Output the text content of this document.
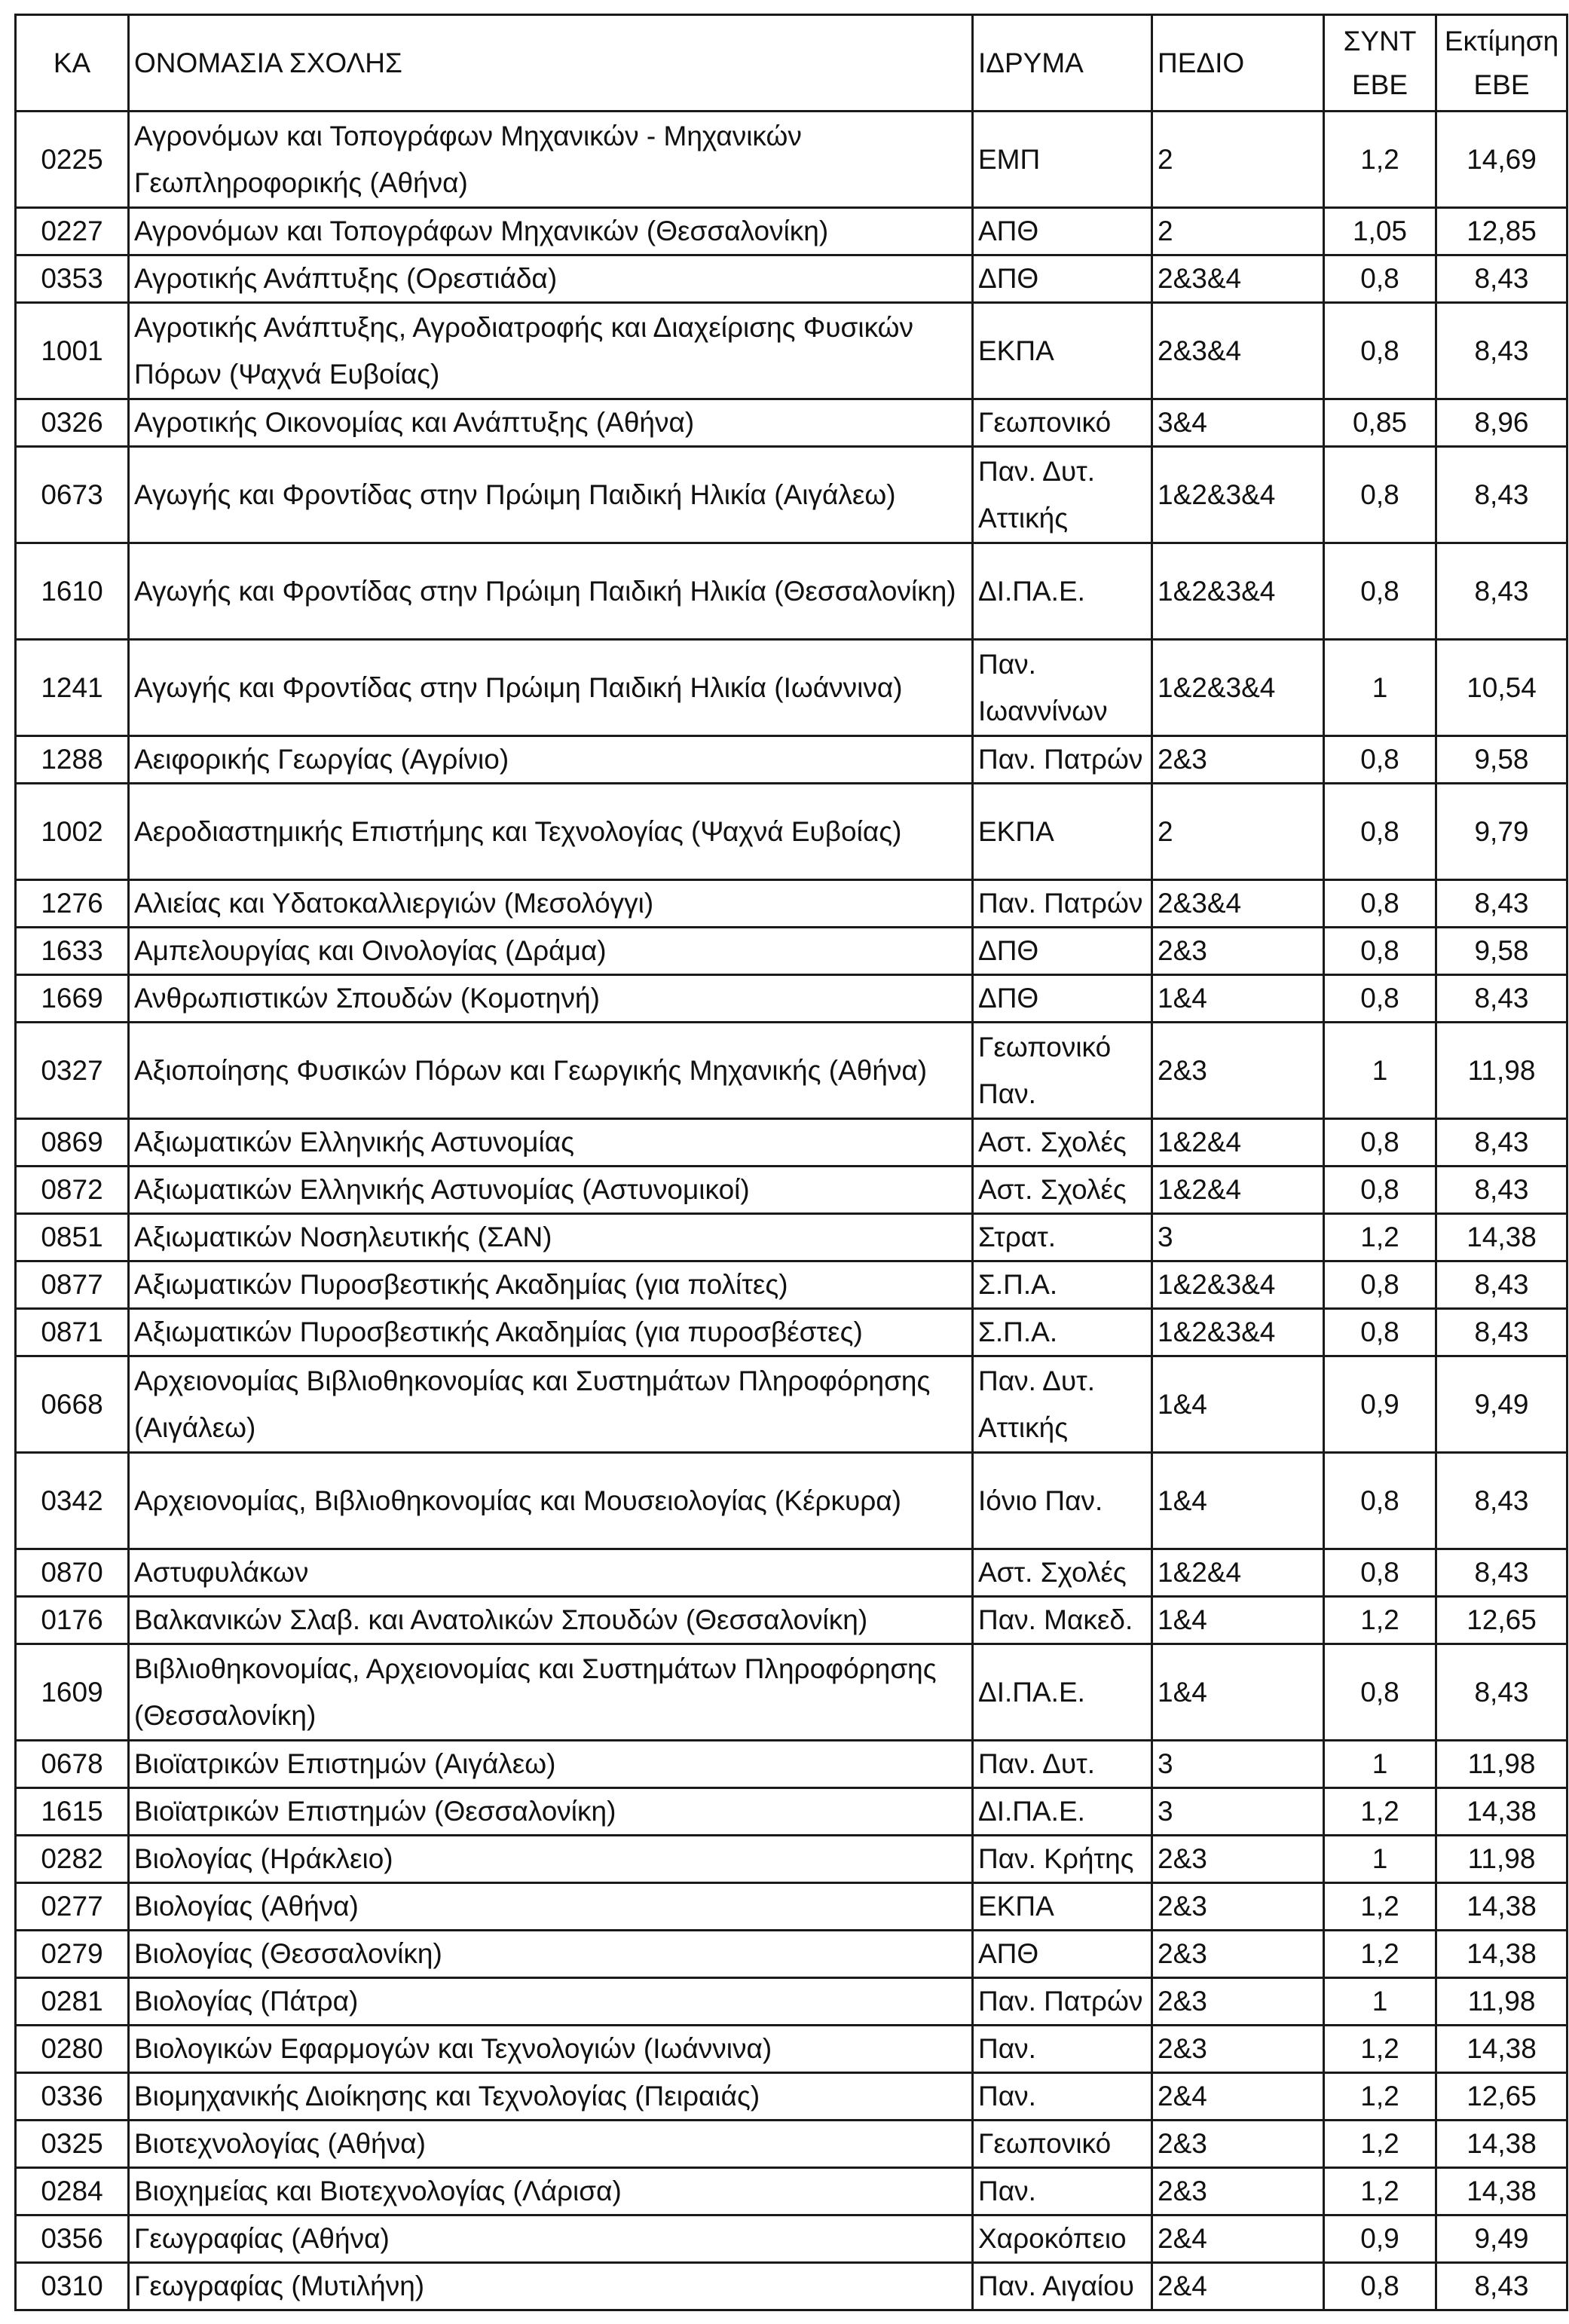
ΚΑ	ΟΝΟΜΑΣΙΑ ΣΧΟΛΗΣ	ΙΔΡΥΜΑ	ΠΕΔΙΟ	ΣΥΝΤ ΕΒΕ	Εκτίμηση ΕΒΕ

0225	Αγρονόμων και Τοπογράφων Μηχανικών - Μηχανικών Γεωπληροφορικής (Αθήνα)	ΕΜΠ	2	1,2	14,69

0227	Αγρονόμων και Τοπογράφων Μηχανικών (Θεσσαλονίκη)	ΑΠΘ	2	1,05	12,85

0353	Αγροτικής Ανάπτυξης (Ορεστιάδα)	ΔΠΘ	2&3&4	0,8	8,43

1001	Αγροτικής Ανάπτυξης, Αγροδιατροφής και Διαχείρισης Φυσικών Πόρων (Ψαχνά Ευβοίας)	ΕΚΠΑ	2&3&4	0,8	8,43

0326	Αγροτικής Οικονομίας και Ανάπτυξης (Αθήνα)	Γεωπονικό	3&4	0,85	8,96

0673	Αγωγής και Φροντίδας στην Πρώιμη Παιδική Ηλικία (Αιγάλεω)	Παν. Δυτ. Αττικής	1&2&3&4	0,8	8,43

1610	Αγωγής και Φροντίδας στην Πρώιμη Παιδική Ηλικία (Θεσσαλονίκη)	ΔΙ.ΠΑ.Ε.	1&2&3&4	0,8	8,43

1241	Αγωγής και Φροντίδας στην Πρώιμη Παιδική Ηλικία (Ιωάννινα)	Παν. Ιωαννίνων	1&2&3&4	1	10,54

1288	Αειφορικής Γεωργίας (Αγρίνιο)	Παν. Πατρών	2&3	0,8	9,58

1002	Αεροδιαστημικής Επιστήμης και Τεχνολογίας (Ψαχνά Ευβοίας)	ΕΚΠΑ	2	0,8	9,79

1276	Αλιείας και Υδατοκαλλιεργιών (Μεσολόγγι)	Παν. Πατρών	2&3&4	0,8	8,43

1633	Αμπελουργίας και Οινολογίας (Δράμα)	ΔΠΘ	2&3	0,8	9,58

1669	Ανθρωπιστικών Σπουδών (Κομοτηνή)	ΔΠΘ	1&4	0,8	8,43

0327	Αξιοποίησης Φυσικών Πόρων και Γεωργικής Μηχανικής (Αθήνα)	Γεωπονικό Παν.	2&3	1	11,98

0869	Αξιωματικών Ελληνικής Αστυνομίας	Αστ. Σχολές	1&2&4	0,8	8,43

0872	Αξιωματικών Ελληνικής Αστυνομίας (Αστυνομικοί)	Αστ. Σχολές	1&2&4	0,8	8,43

0851	Αξιωματικών Νοσηλευτικής (ΣΑΝ)	Στρατ.	3	1,2	14,38

0877	Αξιωματικών Πυροσβεστικής Ακαδημίας (για πολίτες)	Σ.Π.Α.	1&2&3&4	0,8	8,43

0871	Αξιωματικών Πυροσβεστικής Ακαδημίας (για πυροσβέστες)	Σ.Π.Α.	1&2&3&4	0,8	8,43

0668	Αρχειονομίας Βιβλιοθηκονομίας και Συστημάτων Πληροφόρησης (Αιγάλεω)	Παν. Δυτ. Αττικής	1&4	0,9	9,49

0342	Αρχειονομίας, Βιβλιοθηκονομίας και Μουσειολογίας (Κέρκυρα)	Ιόνιο Παν.	1&4	0,8	8,43

0870	Αστυφυλάκων	Αστ. Σχολές	1&2&4	0,8	8,43

0176	Βαλκανικών Σλαβ. και Ανατολικών Σπουδών (Θεσσαλονίκη)	Παν. Μακεδ.	1&4	1,2	12,65

1609	Βιβλιοθηκονομίας, Αρχειονομίας και Συστημάτων Πληροφόρησης (Θεσσαλονίκη)	ΔΙ.ΠΑ.Ε.	1&4	0,8	8,43

0678	Βιοϊατρικών Επιστημών (Αιγάλεω)	Παν. Δυτ.	3	1	11,98

1615	Βιοϊατρικών Επιστημών (Θεσσαλονίκη)	ΔΙ.ΠΑ.Ε.	3	1,2	14,38

0282	Βιολογίας (Ηράκλειο)	Παν. Κρήτης	2&3	1	11,98

0277	Βιολογίας (Αθήνα)	ΕΚΠΑ	2&3	1,2	14,38

0279	Βιολογίας (Θεσσαλονίκη)	ΑΠΘ	2&3	1,2	14,38

0281	Βιολογίας (Πάτρα)	Παν. Πατρών	2&3	1	11,98

0280	Βιολογικών Εφαρμογών και Τεχνολογιών (Ιωάννινα)	Παν.	2&3	1,2	14,38

0336	Βιομηχανικής Διοίκησης και Τεχνολογίας (Πειραιάς)	Παν.	2&4	1,2	12,65

0325	Βιοτεχνολογίας (Αθήνα)	Γεωπονικό	2&3	1,2	14,38

0284	Βιοχημείας και Βιοτεχνολογίας (Λάρισα)	Παν.	2&3	1,2	14,38

0356	Γεωγραφίας (Αθήνα)	Χαροκόπειο	2&4	0,9	9,49

0310	Γεωγραφίας (Μυτιλήνη)	Παν. Αιγαίου	2&4	0,8	8,43
